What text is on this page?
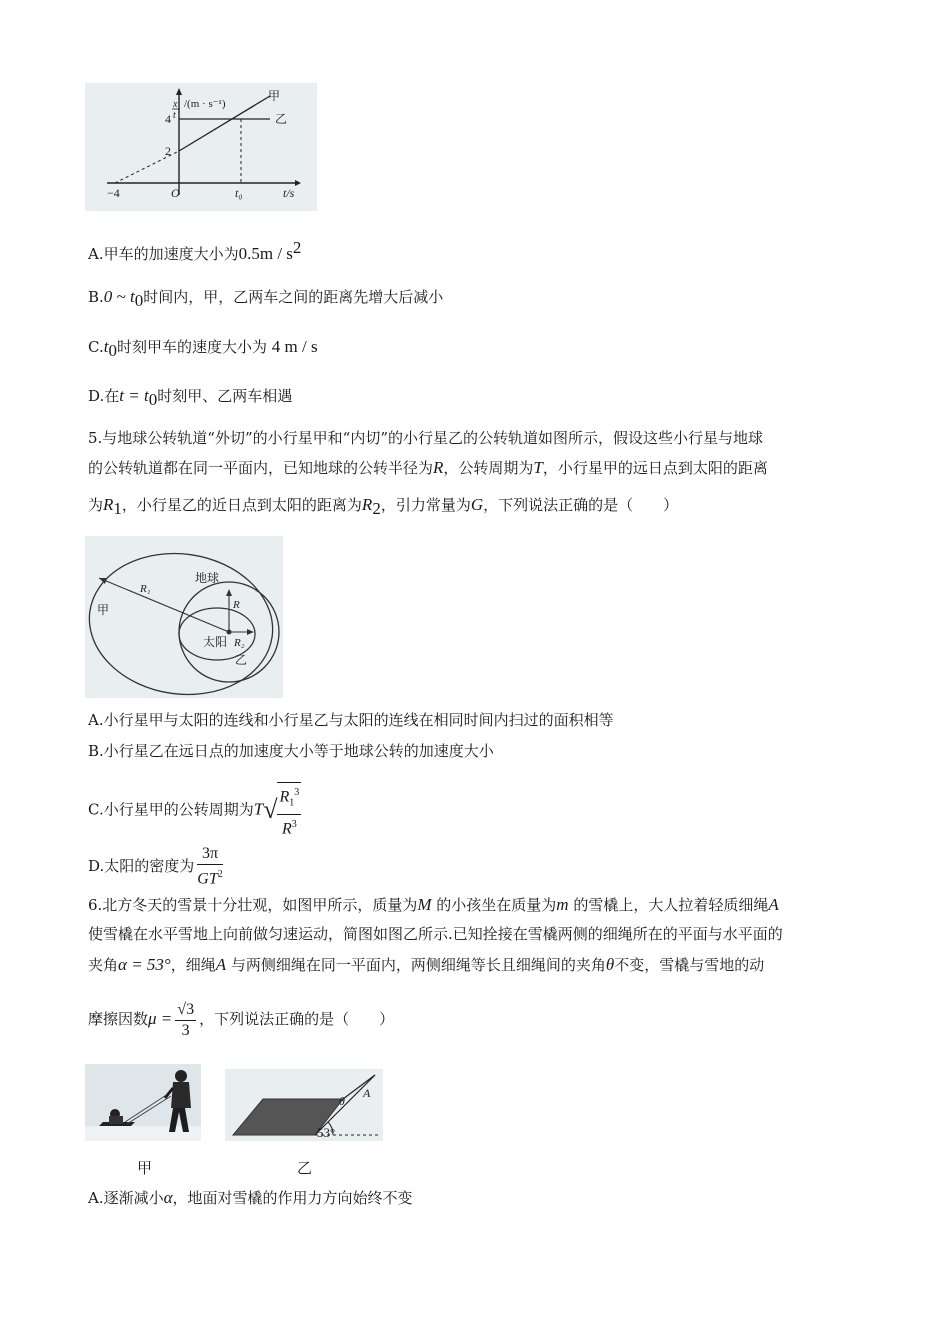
x
t
/(m · s⁻¹)
4
2
−4	O	t₀	t/s
甲
乙
A.甲车的加速度大小为$0.5m / s^2$
B.0 ~ $t_0$时间内，甲，乙两车之间的距离先增大后减小
$C.t_0$时刻甲车的速度大小为 4 m / s
D.在$t = t_0$时刻甲、乙两车相遇
5.与地球公转轨道“外切”的小行星甲和“内切”的小行星乙的公转轨道如图所示，假设这些小行星与地球
的公转轨道都在同一平面内，已知地球的公转半径为R，公转周期为T，小行星甲的远日点到太阳的距离
为$R_1$，小行星乙的近日点到太阳的距离为$R_2$，引力常量为G，下列说法正确的是（　　）
R₁
R
R₂
地球
太阳
甲
乙
A.小行星甲与太阳的连线和小行星乙与太阳的连线在相同时间内扫过的面积相等
B.小行星乙在远日点的加速度大小等于地球公转的加速度大小
C.小行星甲的公转周期为$T√ \frac{R_1^3}{R^3}$
D.太阳的密度为 $\frac{3\pi}{GT^2}$
6.北方冬天的雪景十分壮观，如图甲所示，质量为M 的小孩坐在质量为m 的雪橇上，大人拉着轻质细绳A
使雪橇在水平雪地上向前做匀速运动，简图如图乙所示.已知拴接在雪橇两侧的细绳所在的平面与水平面的
夹角α = 53°，细绳A 与两侧细绳在同一平面内，两侧细绳等长且细绳间的夹角θ不变，雪橇与雪地的动
摩擦因数$\mu = \frac{√3}{3}$ ，下列说法正确的是（　　）
θ
A
53°
甲	乙
A.逐渐减小α，地面对雪橇的作用力方向始终不变
